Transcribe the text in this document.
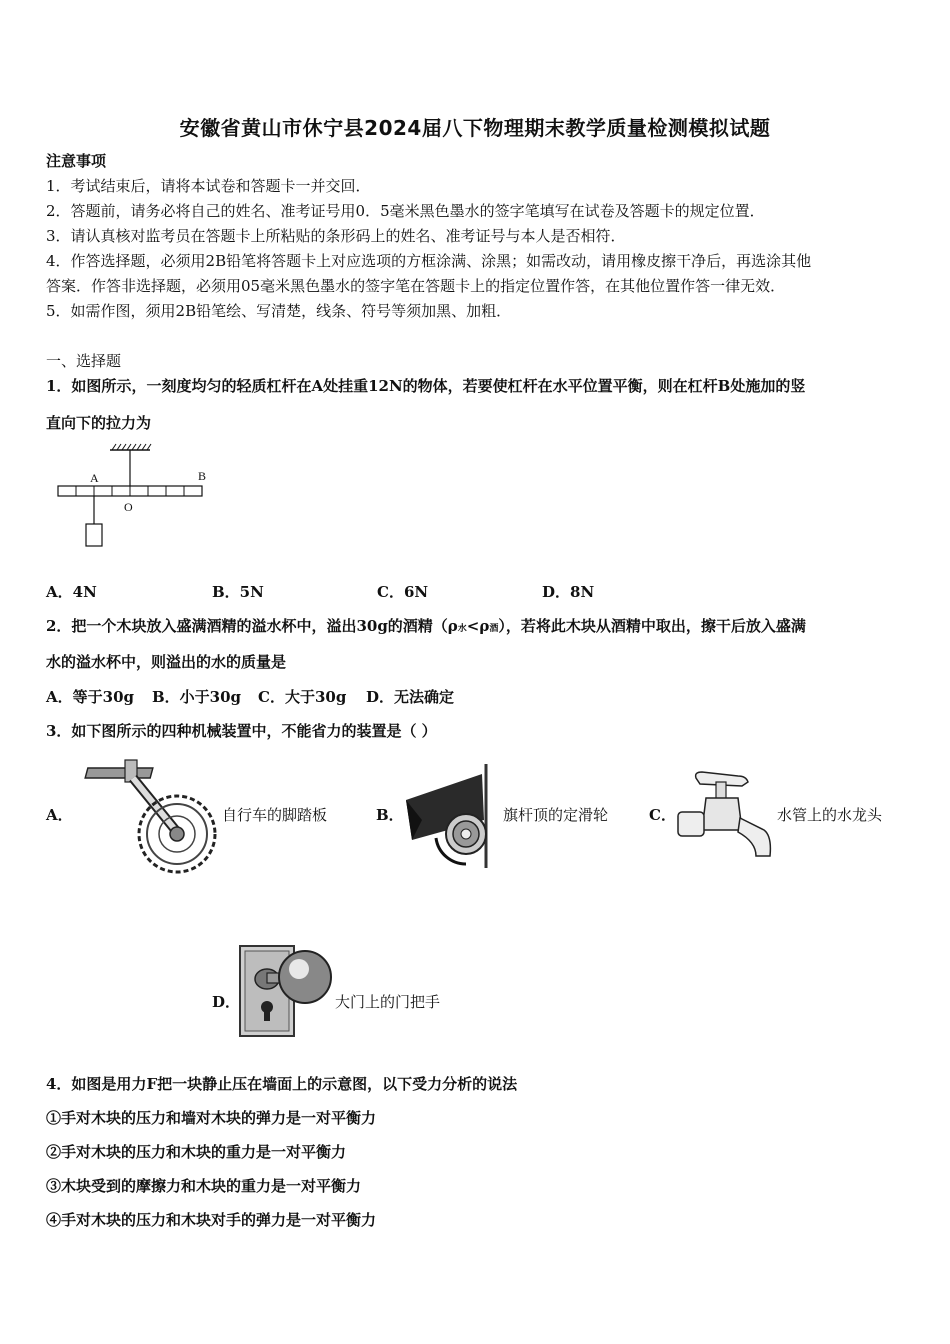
安徽省黄山市休宁县2024届八下物理期末教学质量检测模拟试题
注意事项
1．考试结束后，请将本试卷和答题卡一并交回．
2．答题前，请务必将自己的姓名、准考证号用0．5毫米黑色墨水的签字笔填写在试卷及答题卡的规定位置．
3．请认真核对监考员在答题卡上所粘贴的条形码上的姓名、准考证号与本人是否相符．
4．作答选择题，必须用2B铅笔将答题卡上对应选项的方框涂满、涂黑；如需改动，请用橡皮擦干净后，再选涂其他
答案．作答非选择题，必须用05毫米黑色墨水的签字笔在答题卡上的指定位置作答，在其他位置作答一律无效．
5．如需作图，须用2B铅笔绘、写清楚，线条、符号等须加黑、加粗．
一、选择题
1．如图所示，一刻度均匀的轻质杠杆在A处挂重12N的物体，若要使杠杆在水平位置平衡，则在杠杆B处施加的竖
直向下的拉力为
A	B
O
A．4N	B．5N	C．6N	D．8N
2．把一个木块放入盛满酒精的溢水杯中，溢出30g的酒精（ρ水<ρ酒），若将此木块从酒精中取出，擦干后放入盛满
水的溢水杯中，则溢出的水的质量是
A．等于30g B．小于30g C．大于30g D．无法确定
3．如下图所示的四种机械装置中，不能省力的装置是（ ）
A．	自行车的脚踏板	B．	旗杆顶的定滑轮	C．	水管上的水龙头
D．	大门上的门把手
4．如图是用力F把一块静止压在墙面上的示意图，以下受力分析的说法
①手对木块的压力和墙对木块的弹力是一对平衡力
②手对木块的压力和木块的重力是一对平衡力
③木块受到的摩擦力和木块的重力是一对平衡力
④手对木块的压力和木块对手的弹力是一对平衡力
